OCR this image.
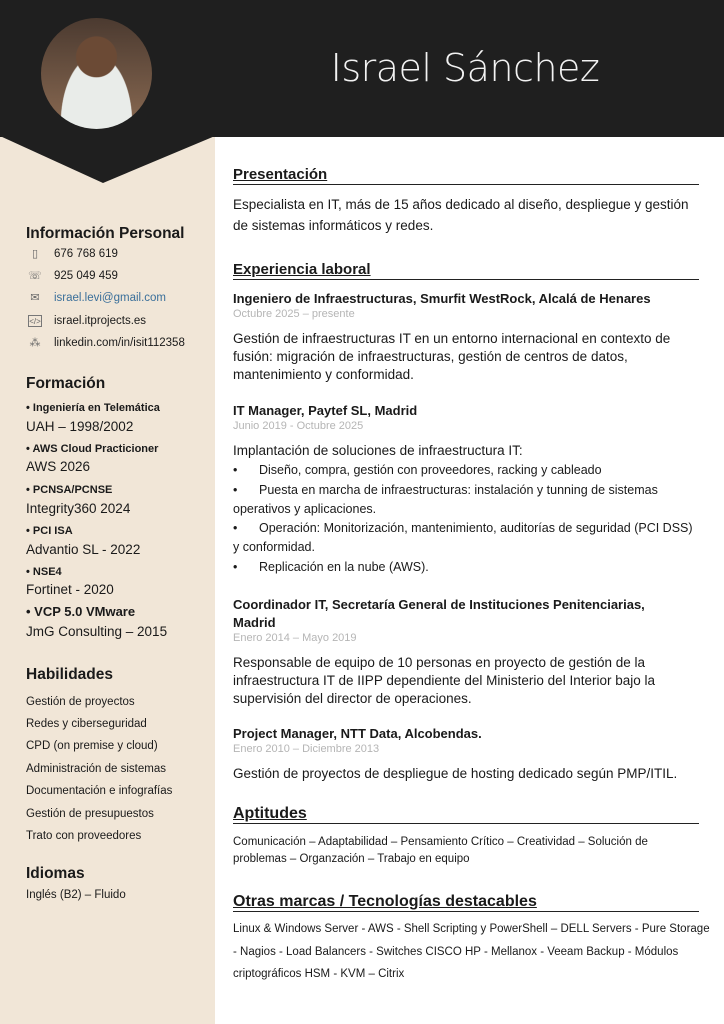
Israel Sánchez
Información Personal
▯	676 768 619
☏ 925 049 459
✉ israel.levi@gmail.com
</> israel.itprojects.es
⁂ linkedin.com/in/isit112358
Formación
• Ingeniería en Telemática
UAH – 1998/2002
• AWS Cloud Practicioner
AWS 2026
• PCNSA/PCNSE
Integrity360 2024
• PCI ISA
Advantio SL - 2022
• NSE4
Fortinet - 2020
• VCP 5.0 VMware
JmG Consulting – 2015
Habilidades
Gestión de proyectos
Redes y ciberseguridad
CPD (on premise y cloud)
Administración de sistemas
Documentación e infografías
Gestión de presupuestos
Trato con proveedores
Idiomas
Inglés (B2) – Fluido
Presentación
Especialista en IT, más de 15 años dedicado al diseño, despliegue y gestión
de sistemas informáticos y redes.
Experiencia laboral
Ingeniero de Infraestructuras, Smurfit WestRock, Alcalá de Henares
Octubre 2025 – presente
Gestión de infraestructuras IT en un entorno internacional en contexto de
fusión: migración de infraestructuras, gestión de centros de datos,
mantenimiento y conformidad.
IT Manager, Paytef SL, Madrid
Junio 2019 - Octubre 2025
Implantación de soluciones de infraestructura IT:
• Diseño, compra, gestión con proveedores, racking y cableado
• Puesta en marcha de infraestructuras: instalación y tunning de sistemas
operativos y aplicaciones.
• Operación: Monitorización, mantenimiento, auditorías de seguridad (PCI DSS)
y conformidad.
• Replicación en la nube (AWS).
Coordinador IT, Secretaría General de Instituciones Penitenciarias,
Madrid
Enero 2014 – Mayo 2019
Responsable de equipo de 10 personas en proyecto de gestión de la
infraestructura IT de IIPP dependiente del Ministerio del Interior bajo la
supervisión del director de operaciones.
Project Manager, NTT Data, Alcobendas.
Enero 2010 – Diciembre 2013
Gestión de proyectos de despliegue de hosting dedicado según PMP/ITIL.
Aptitudes
Comunicación – Adaptabilidad – Pensamiento Crítico – Creatividad – Solución de
problemas – Organzación – Trabajo en equipo
Otras marcas / Tecnologías destacables
Linux & Windows Server - AWS - Shell Scripting y PowerShell – DELL Servers - Pure Storage
- Nagios - Load Balancers - Switches CISCO HP - Mellanox - Veeam Backup - Módulos
criptográficos HSM - KVM – Citrix
